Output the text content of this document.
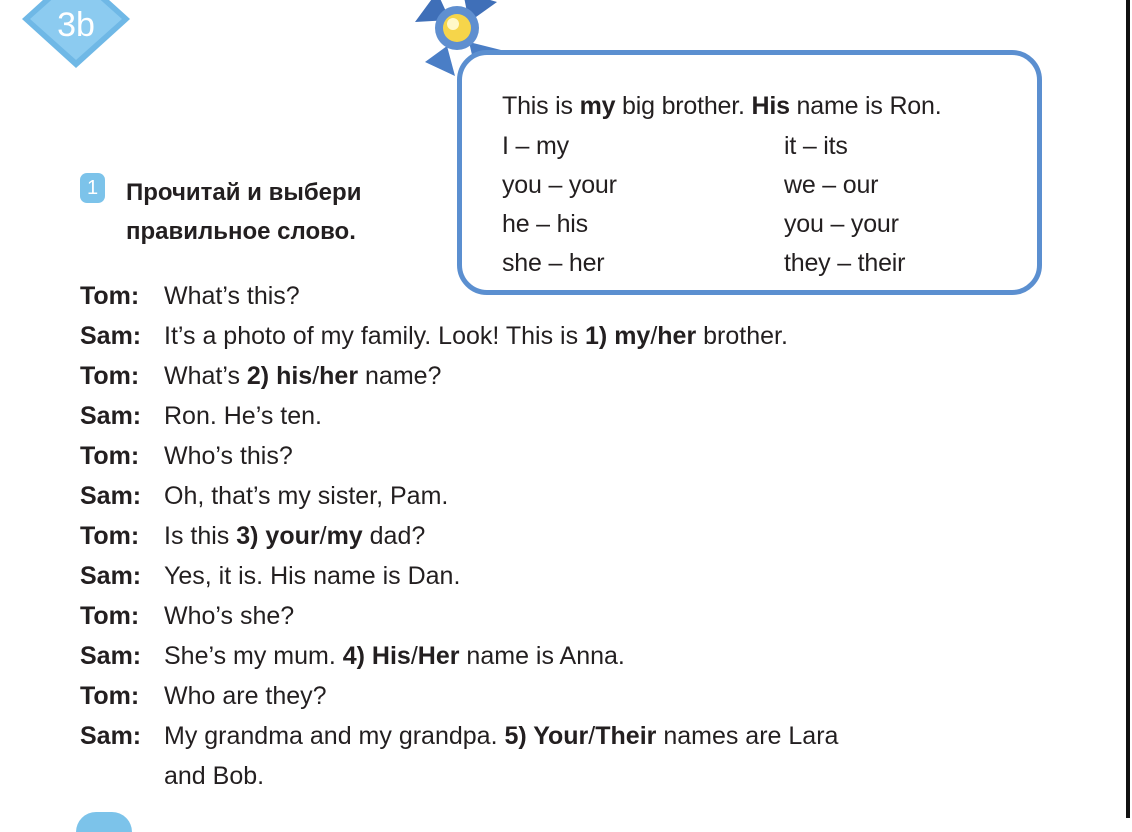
3b
This is my big brother. His name is Ron.
I – my	it – its
you – your	we – our
he – his	you – your
she – her	they – their
1 Прочитай и выбери
правильное слово.
Tom: What’s this?
Sam: It’s a photo of my family. Look! This is 1) my/her brother.
Tom: What’s 2) his/her name?
Sam: Ron. He’s ten.
Tom: Who’s this?
Sam: Oh, that’s my sister, Pam.
Tom: Is this 3) your/my dad?
Sam: Yes, it is. His name is Dan.
Tom: Who’s she?
Sam: She’s my mum. 4) His/Her name is Anna.
Tom: Who are they?
Sam: My grandma and my grandpa. 5) Your/Their names are Lara
and Bob.
